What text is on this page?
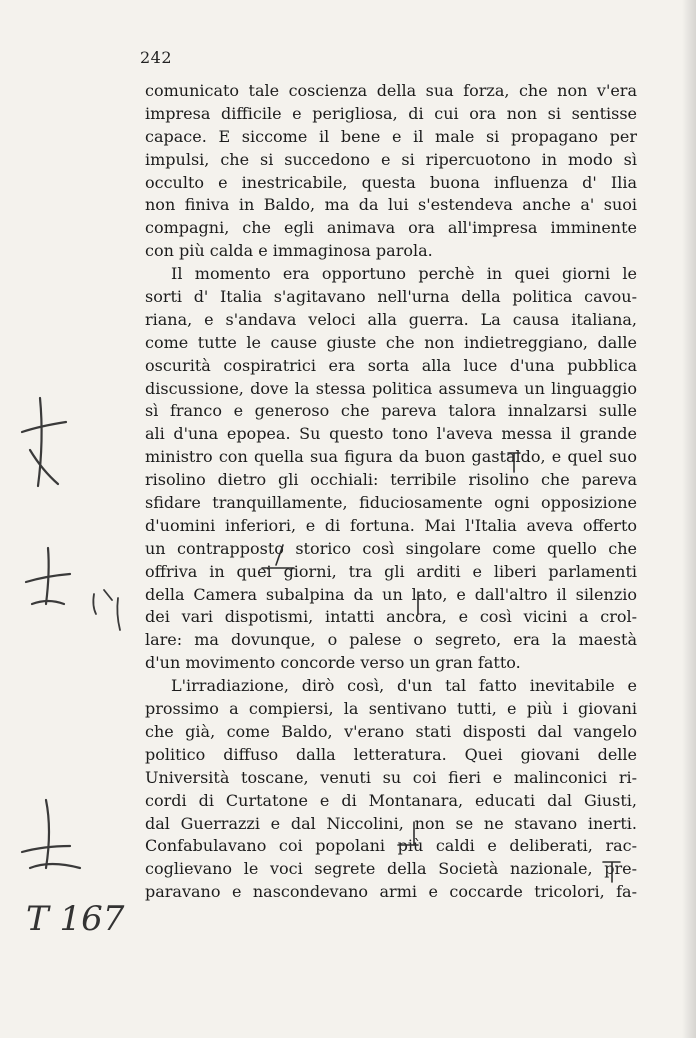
242
comunicato tale coscienza della sua forza, che non v'era
impresa difficile e perigliosa, di cui ora non si sentisse
capace. E siccome il bene e il male si propagano per
impulsi, che si succedono e si ripercuotono in modo sì
occulto e inestricabile, questa buona influenza d' Ilia
non finiva in Baldo, ma da lui s'estendeva anche a' suoi
compagni, che egli animava ora all'impresa imminente
con più calda e immaginosa parola.
Il momento era opportuno perchè in quei giorni le
sorti d' Italia s'agitavano nell'urna della politica cavou-
riana, e s'andava veloci alla guerra. La causa italiana,
come tutte le cause giuste che non indietreggiano, dalle
oscurità cospiratrici era sorta alla luce d'una pubblica
discussione, dove la stessa politica assumeva un linguaggio
sì franco e generoso che pareva talora innalzarsi sulle
ali d'una epopea. Su questo tono l'aveva messa il grande
ministro con quella sua figura da buon gastaldo, e quel suo
risolino dietro gli occhiali: terribile risolino che pareva
sfidare tranquillamente, fiduciosamente ogni opposizione
d'uomini inferiori, e di fortuna. Mai l'Italia aveva offerto
un contrapposto storico così singolare come quello che
offriva in quei giorni, tra gli arditi e liberi parlamenti
della Camera subalpina da un lato, e dall'altro il silenzio
dei vari dispotismi, intatti ancora, e così vicini a crol-
lare: ma dovunque, o palese o segreto, era la maestà
d'un movimento concorde verso un gran fatto.
L'irradiazione, dirò così, d'un tal fatto inevitabile e
prossimo a compiersi, la sentivano tutti, e più i giovani
che già, come Baldo, v'erano stati disposti dal vangelo
politico diffuso dalla letteratura. Quei giovani delle
Università toscane, venuti su coi fieri e malinconici ri-
cordi di Curtatone e di Montanara, educati dal Giusti,
dal Guerrazzi e dal Niccolini, non se ne stavano inerti.
Confabulavano coi popolani più caldi e deliberati, rac-
coglievano le voci segrete della Società nazionale, pre-
paravano e nascondevano armi e coccarde tricolori, fa-
T 167
